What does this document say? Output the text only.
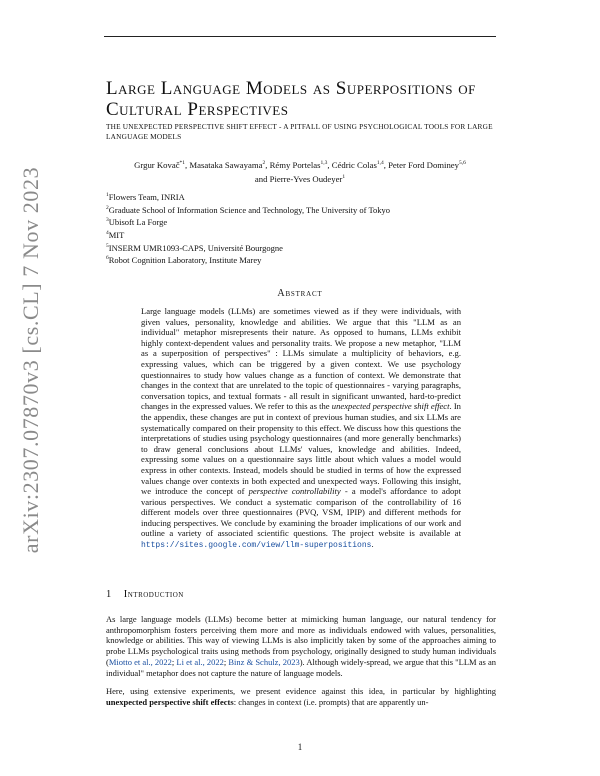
arXiv:2307.07870v3 [cs.CL] 7 Nov 2023
Large Language Models as Superpositions of Cultural Perspectives
THE UNEXPECTED PERSPECTIVE SHIFT EFFECT - A PITFALL OF USING PSYCHOLOGICAL TOOLS FOR LARGE LANGUAGE MODELS
Grgur Kovač$^{*1}$, Masataka Sawayama$^2$, Rémy Portelas$^{1,3}$, Cédric Colas$^{1,4}$, Peter Ford Dominey$^{5,6}$
and Pierre-Yves Oudeyer$^1$
$^1$Flowers Team, INRIA
$^2$Graduate School of Information Science and Technology, The University of Tokyo
$^3$Ubisoft La Forge
$^4$MIT
$^5$INSERM UMR1093-CAPS, Université Bourgogne
$^6$Robot Cognition Laboratory, Institute Marey
Abstract
Large language models (LLMs) are sometimes viewed as if they were individuals, with given values, personality, knowledge and abilities. We argue that this "LLM as an individual" metaphor misrepresents their nature. As opposed to humans, LLMs exhibit highly context-dependent values and personality traits. We propose a new metaphor, "LLM as a superposition of perspectives" : LLMs simulate a multiplicity of behaviors, e.g. expressing values, which can be triggered by a given context. We use psychology questionnaires to study how values change as a function of context. We demonstrate that changes in the context that are unrelated to the topic of questionnaires - varying paragraphs, conversation topics, and textual formats - all result in significant unwanted, hard-to-predict changes in the expressed values. We refer to this as the unexpected perspective shift effect. In the appendix, these changes are put in context of previous human studies, and six LLMs are systematically compared on their propensity to this effect. We discuss how this questions the interpretations of studies using psychology questionnaires (and more generally benchmarks) to draw general conclusions about LLMs' values, knowledge and abilities. Indeed, expressing some values on a questionnaire says little about which values a model would express in other contexts. Instead, models should be studied in terms of how the expressed values change over contexts in both expected and unexpected ways. Following this insight, we introduce the concept of perspective controllability - a model's affordance to adopt various perspectives. We conduct a systematic comparison of the controllability of 16 different models over three questionnaires (PVQ, VSM, IPIP) and different methods for inducing perspectives. We conclude by examining the broader implications of our work and outline a variety of associated scientific questions. The project website is available at https://sites.google.com/view/llm-superpositions.
1 Introduction

As large language models (LLMs) become better at mimicking human language, our natural tendency for anthropomorphism fosters perceiving them more and more as individuals endowed with values, personalities, knowledge or abilities. This way of viewing LLMs is also implicitly taken by some of the approaches aiming to probe LLMs psychological traits using methods from psychology, originally designed to study human individuals (Miotto et al., 2022; Li et al., 2022; Binz & Schulz, 2023). Although widely-spread, we argue that this "LLM as an individual" metaphor does not capture the nature of language models.

Here, using extensive experiments, we present evidence against this idea, in particular by highlighting unexpected perspective shift effects: changes in context (i.e. prompts) that are apparently un-

1
